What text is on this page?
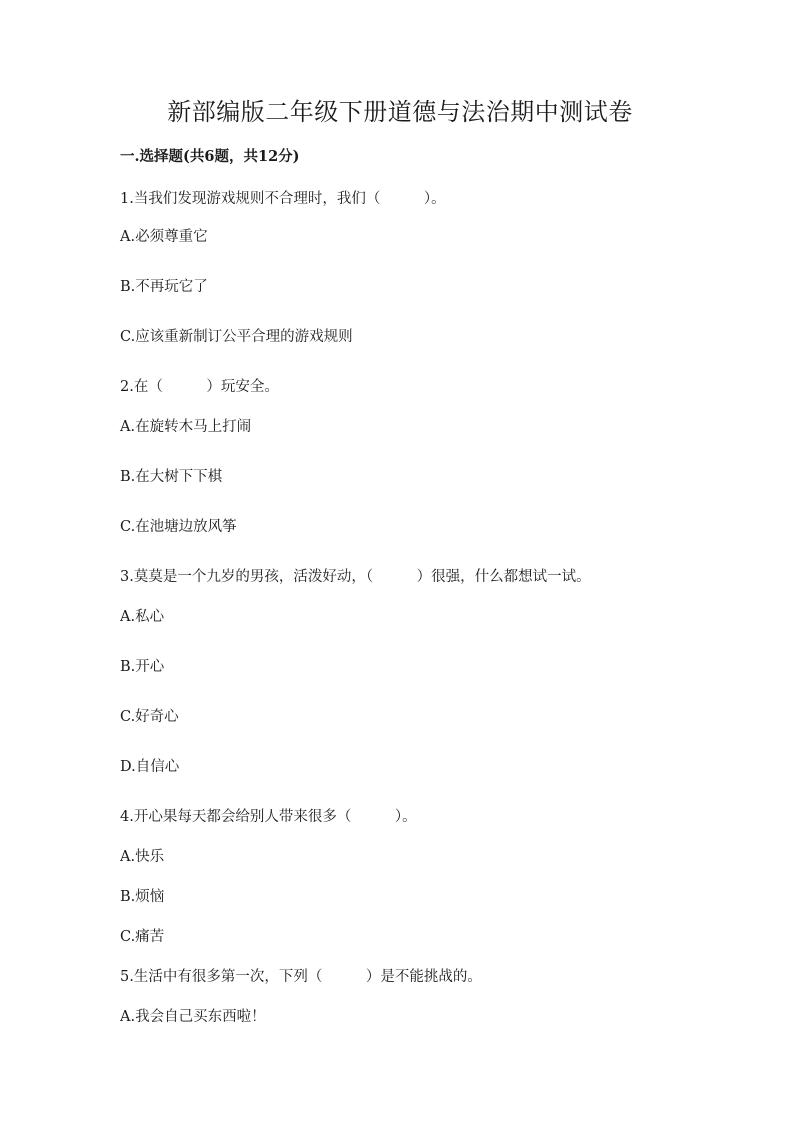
新部编版二年级下册道德与法治期中测试卷
一.选择题(共6题，共12分)
1.当我们发现游戏规则不合理时，我们（　　　）。
A.必须尊重它
B.不再玩它了
C.应该重新制订公平合理的游戏规则
2.在（　　　）玩安全。
A.在旋转木马上打闹
B.在大树下下棋
C.在池塘边放风筝
3.莫莫是一个九岁的男孩，活泼好动，（　　　）很强，什么都想试一试。
A.私心
B.开心
C.好奇心
D.自信心
4.开心果每天都会给别人带来很多（　　　）。
A.快乐
B.烦恼
C.痛苦
5.生活中有很多第一次，下列（　　　）是不能挑战的。
A.我会自己买东西啦！
